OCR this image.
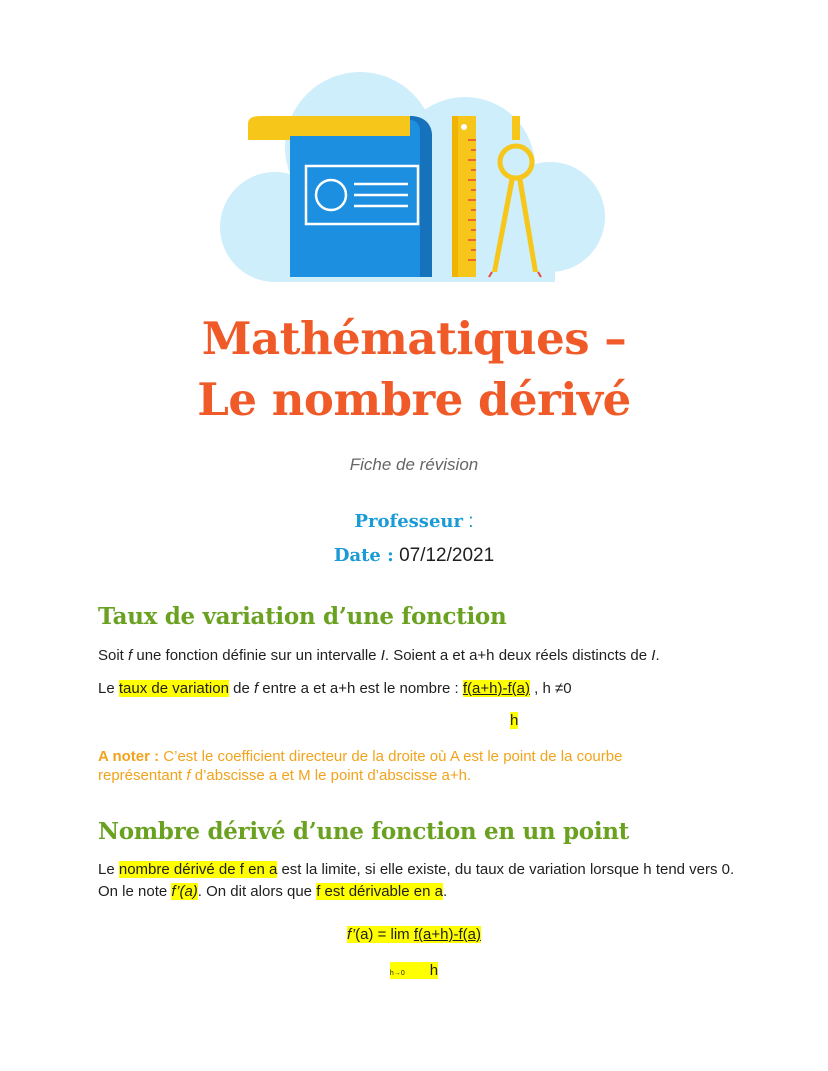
Mathématiques –
Le nombre dérivé
Fiche de révision
Professeur :
Date : 07/12/2021
Taux de variation d’une fonction
Soit f une fonction définie sur un intervalle I. Soient a et a+h deux réels distincts de I.
Le taux de variation de f entre a et a+h est le nombre : f(a+h)-f(a) , h ≠0
h
A noter : C’est le coefficient directeur de la droite où A est le point de la courbe représentant f d’abscisse a et M le point d’abscisse a+h.
Nombre dérivé d’une fonction en un point
Le nombre dérivé de f en a est la limite, si elle existe, du taux de variation lorsque h tend vers 0. On le note f’(a). On dit alors que f est dérivable en a.
f’(a) = lim f(a+h)-f(a)
h→0 h
